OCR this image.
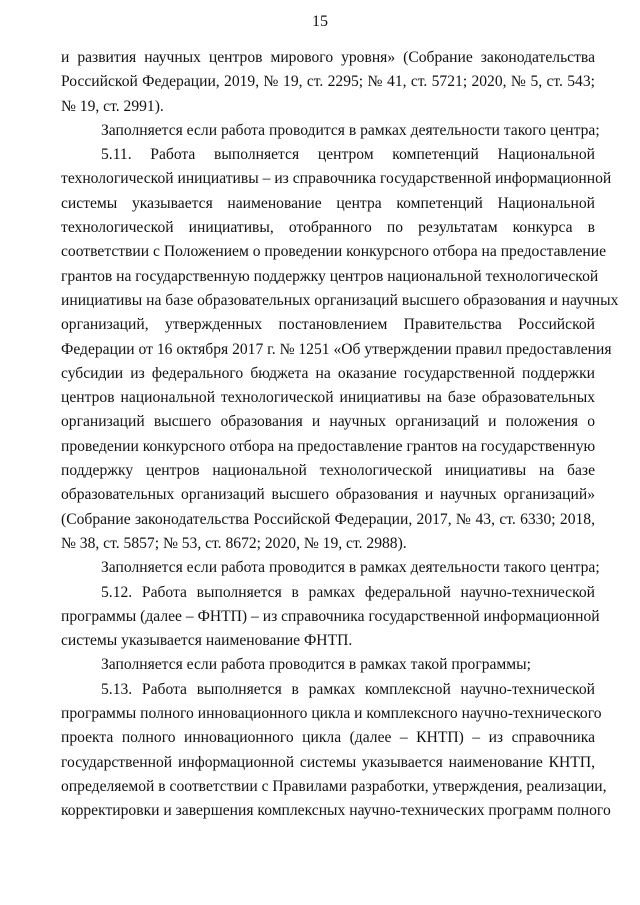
15
и развития научных центров мирового уровня» (Собрание законодательства
Российской Федерации, 2019, № 19, ст. 2295; № 41, ст. 5721; 2020, № 5, ст. 543;
№ 19, ст. 2991).
Заполняется если работа проводится в рамках деятельности такого центра;
5.11. Работа выполняется центром компетенций Национальной
технологической инициативы – из справочника государственной информационной
системы указывается наименование центра компетенций Национальной
технологической инициативы, отобранного по результатам конкурса в
соответствии с Положением о проведении конкурсного отбора на предоставление
грантов на государственную поддержку центров национальной технологической
инициативы на базе образовательных организаций высшего образования и научных
организаций, утвержденных постановлением Правительства Российской
Федерации от 16 октября 2017 г. № 1251 «Об утверждении правил предоставления
субсидии из федерального бюджета на оказание государственной поддержки
центров национальной технологической инициативы на базе образовательных
организаций высшего образования и научных организаций и положения о
проведении конкурсного отбора на предоставление грантов на государственную
поддержку центров национальной технологической инициативы на базе
образовательных организаций высшего образования и научных организаций»
(Собрание законодательства Российской Федерации, 2017, № 43, ст. 6330; 2018,
№ 38, ст. 5857; № 53, ст. 8672; 2020, № 19, ст. 2988).
Заполняется если работа проводится в рамках деятельности такого центра;
5.12. Работа выполняется в рамках федеральной научно-технической
программы (далее – ФНТП) – из справочника государственной информационной
системы указывается наименование ФНТП.
Заполняется если работа проводится в рамках такой программы;
5.13. Работа выполняется в рамках комплексной научно-технической
программы полного инновационного цикла и комплексного научно-технического
проекта полного инновационного цикла (далее – КНТП) – из справочника
государственной информационной системы указывается наименование КНТП,
определяемой в соответствии с Правилами разработки, утверждения, реализации,
корректировки и завершения комплексных научно-технических программ полного
